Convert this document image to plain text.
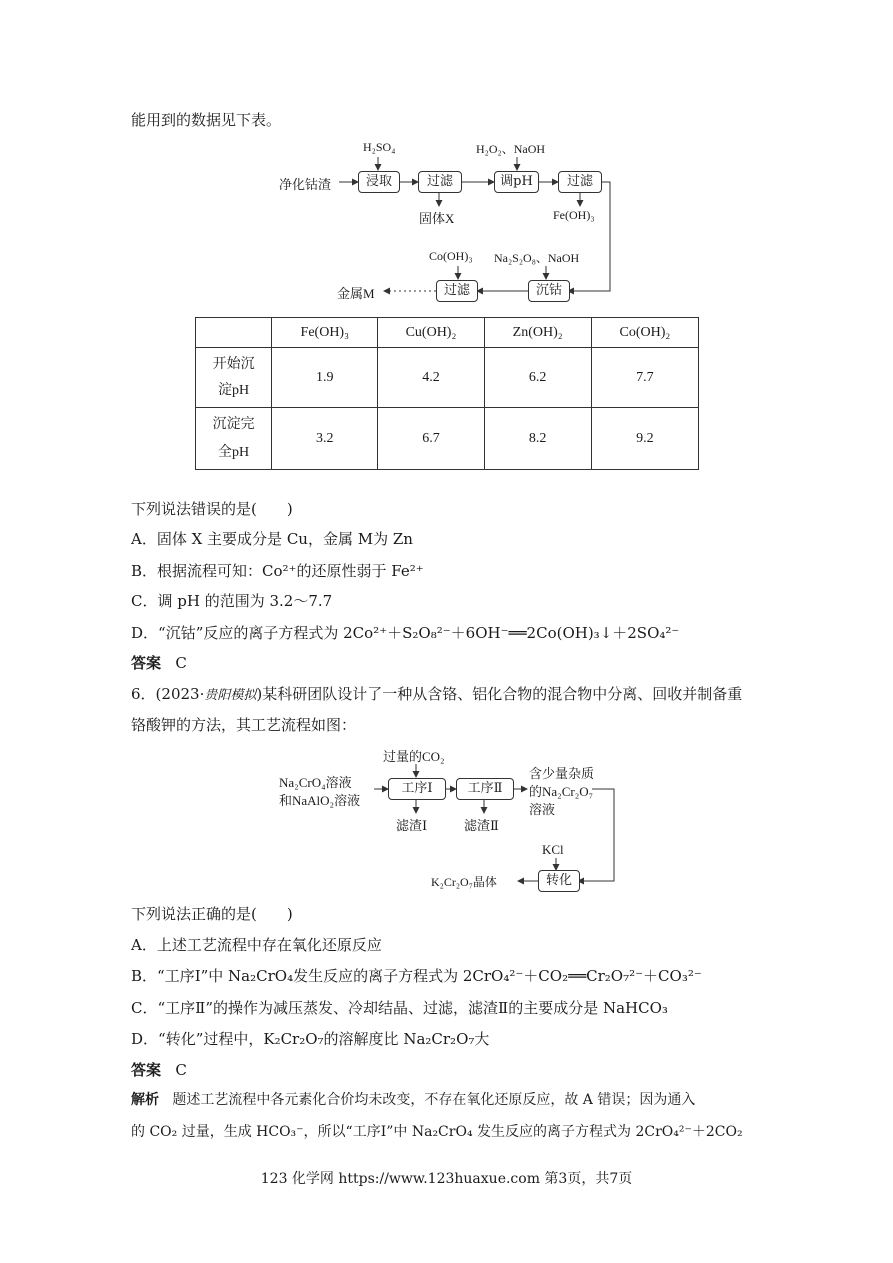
能用到的数据见下表。
H₂SO₄	H₂O₂、NaOH
净化钴渣	浸取	过滤	调pH	过滤
固体X	Fe(OH)₃
Co(OH)₃ Na₂S₂O₈、NaOH
沉钴
过滤
金属M
	Fe(OH)₃	Cu(OH)₂	Zn(OH)₂	Co(OH)₂

开始沉
淀pH	1.9	4.2	6.2	7.7

沉淀完
全pH	3.2	6.7	8.2	9.2
下列说法错误的是(　　)
A．固体 X 主要成分是 Cu，金属 M为 Zn
B．根据流程可知：Co²⁺的还原性弱于 Fe²⁺
C．调 pH 的范围为 3.2～7.7
D．“沉钴”反应的离子方程式为 2Co²⁺＋S₂O₈²⁻＋6OH⁻══2Co(OH)₃↓＋2SO₄²⁻
答案 C
6．(2023·贵阳模拟)某科研团队设计了一种从含铬、铝化合物的混合物中分离、回收并制备重
铬酸钾的方法，其工艺流程如图：
过量的CO₂
Na₂CrO₄溶液
和NaAlO₂溶液
工序Ⅰ	工序Ⅱ
含少量杂质
的Na₂Cr₂O₇
溶液
滤渣Ⅰ	滤渣Ⅱ
KCl
转化
K₂Cr₂O₇晶体
下列说法正确的是(　　)
A．上述工艺流程中存在氧化还原反应
B．“工序Ⅰ”中 Na₂CrO₄发生反应的离子方程式为 2CrO₄²⁻＋CO₂══Cr₂O₇²⁻＋CO₃²⁻
C．“工序Ⅱ”的操作为减压蒸发、冷却结晶、过滤，滤渣Ⅱ的主要成分是 NaHCO₃
D．“转化”过程中，K₂Cr₂O₇的溶解度比 Na₂Cr₂O₇大
答案 C
解析 题述工艺流程中各元素化合价均未改变，不存在氧化还原反应，故 A 错误；因为通入
的 CO₂ 过量，生成 HCO₃⁻，所以“工序Ⅰ”中 Na₂CrO₄ 发生反应的离子方程式为 2CrO₄²⁻＋2CO₂
123 化学网 https://www.123huaxue.com 第3页，共7页
